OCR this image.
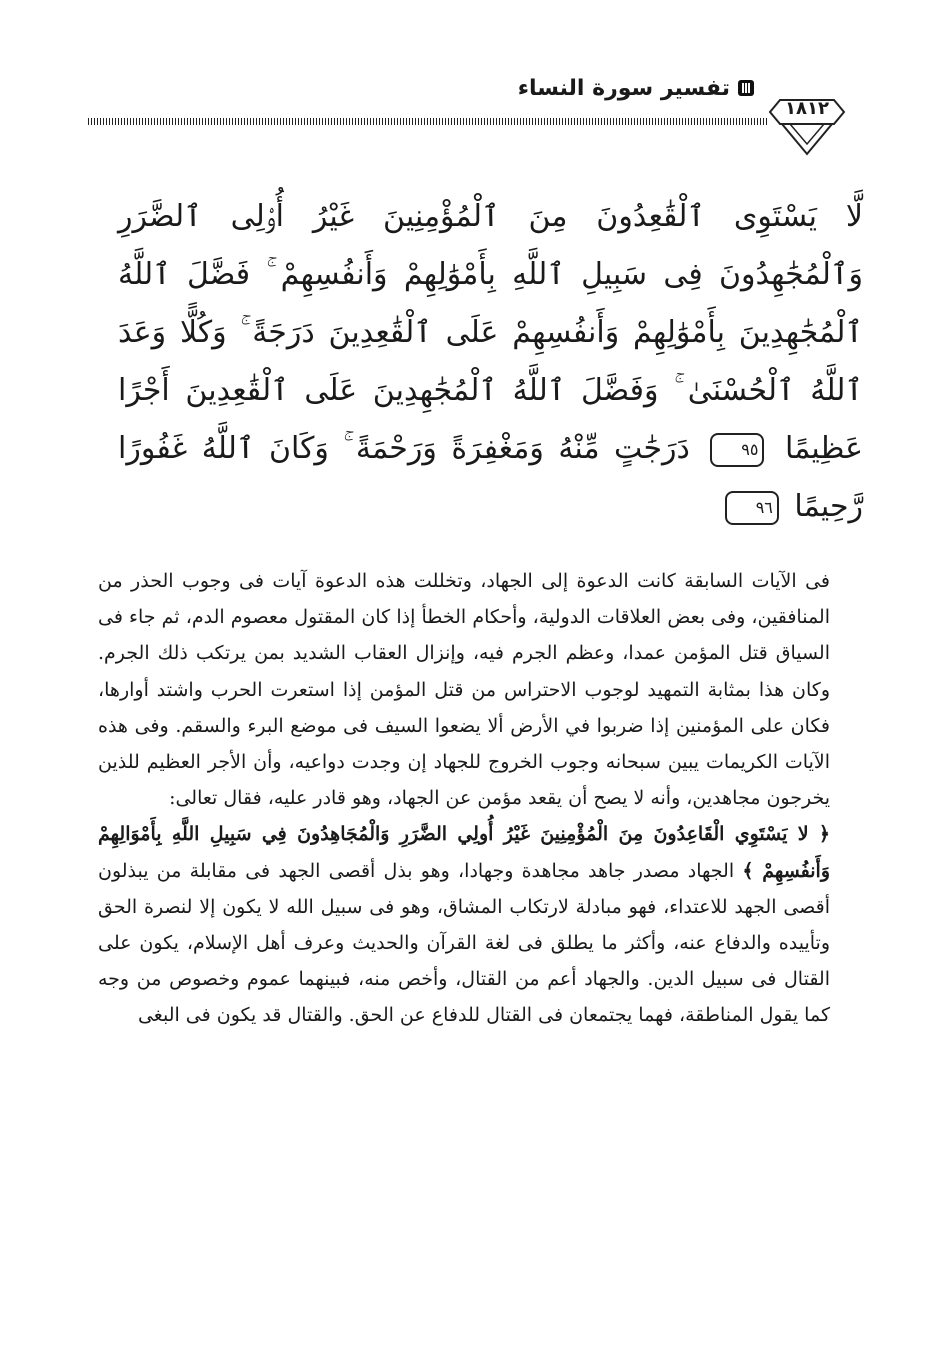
تفسير سورة النساء
١٨١٢
لَّا يَسْتَوِى ٱلْقَٰعِدُونَ مِنَ ٱلْمُؤْمِنِينَ غَيْرُ أُو۟لِى ٱلضَّرَرِ وَٱلْمُجَٰهِدُونَ فِى سَبِيلِ ٱللَّهِ بِأَمْوَٰلِهِمْ وَأَنفُسِهِمْ ۚ فَضَّلَ ٱللَّهُ ٱلْمُجَٰهِدِينَ بِأَمْوَٰلِهِمْ وَأَنفُسِهِمْ عَلَى ٱلْقَٰعِدِينَ دَرَجَةً ۚ وَكُلًّا وَعَدَ ٱللَّهُ ٱلْحُسْنَىٰ ۚ وَفَضَّلَ ٱللَّهُ ٱلْمُجَٰهِدِينَ عَلَى ٱلْقَٰعِدِينَ أَجْرًا عَظِيمًا ٩٥ دَرَجَٰتٍ مِّنْهُ وَمَغْفِرَةً وَرَحْمَةً ۚ وَكَانَ ٱللَّهُ غَفُورًا رَّحِيمًا ٩٦

فى الآيات السابقة كانت الدعوة إلى الجهاد، وتخللت هذه الدعوة آيات فى وجوب الحذر من المنافقين، وفى بعض العلاقات الدولية، وأحكام الخطأ إذا كان المقتول معصوم الدم، ثم جاء فى السياق قتل المؤمن عمدا، وعظم الجرم فيه، وإنزال العقاب الشديد بمن يرتكب ذلك الجرم. وكان هذا بمثابة التمهيد لوجوب الاحتراس من قتل المؤمن إذا استعرت الحرب واشتد أوارها، فكان على المؤمنين إذا ضربوا في الأرض ألا يضعوا السيف فى موضع البرء والسقم. وفى هذه الآيات الكريمات يبين سبحانه وجوب الخروج للجهاد إن وجدت دواعيه، وأن الأجر العظيم للذين يخرجون مجاهدين، وأنه لا يصح أن يقعد مؤمن عن الجهاد، وهو قادر عليه، فقال تعالى:

﴿ لا يَسْتَوِي الْقَاعِدُونَ مِنَ الْمُؤْمِنِينَ غَيْرُ أُولِي الضَّرَرِ وَالْمُجَاهِدُونَ فِي سَبِيلِ اللَّهِ بِأَمْوَالِهِمْ وَأَنفُسِهِمْ ﴾ الجهاد مصدر جاهد مجاهدة وجهادا، وهو بذل أقصى الجهد فى مقابلة من يبذلون أقصى الجهد للاعتداء، فهو مبادلة لارتكاب المشاق، وهو فى سبيل الله لا يكون إلا لنصرة الحق وتأييده والدفاع عنه، وأكثر ما يطلق فى لغة القرآن والحديث وعرف أهل الإسلام، يكون على القتال فى سبيل الدين. والجهاد أعم من القتال، وأخص منه، فبينهما عموم وخصوص من وجه كما يقول المناطقة، فهما يجتمعان فى القتال للدفاع عن الحق. والقتال قد يكون فى البغى
